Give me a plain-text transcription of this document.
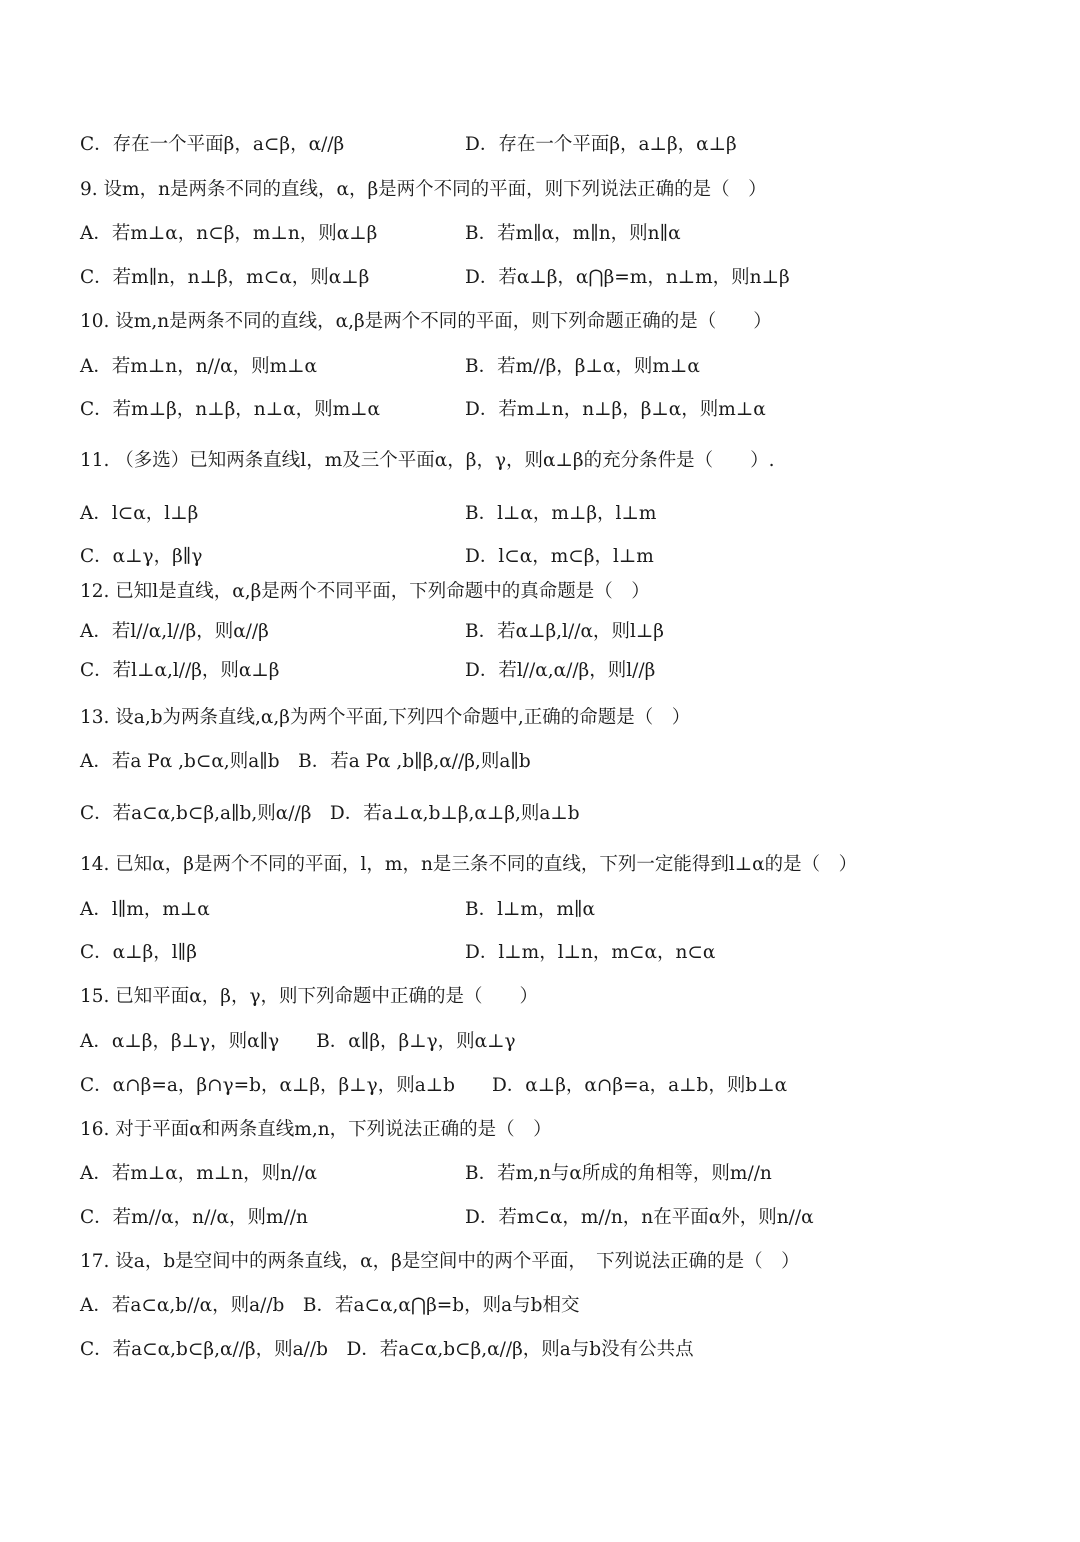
C．存在一个平面β，a⊂β，α//β	D．存在一个平面β，a⊥β，α⊥β
9. 设m，n是两条不同的直线，α，β是两个不同的平面，则下列说法正确的是（　）
A．若m⊥α，n⊂β，m⊥n，则α⊥β	B．若m∥α，m∥n，则n∥α
C．若m∥n，n⊥β，m⊂α，则α⊥β	D．若α⊥β，α⋂β=m，n⊥m，则n⊥β
10. 设m,n是两条不同的直线，α,β是两个不同的平面，则下列命题正确的是（　　）
A．若m⊥n，n//α，则m⊥α	B．若m//β，β⊥α，则m⊥α
C．若m⊥β，n⊥β，n⊥α，则m⊥α	D．若m⊥n，n⊥β，β⊥α，则m⊥α
11. （多选）已知两条直线l，m及三个平面α，β，γ，则α⊥β的充分条件是（　　）.
A．l⊂α，l⊥β	B．l⊥α，m⊥β，l⊥m
C．α⊥γ，β∥γ	D．l⊂α，m⊂β，l⊥m
12. 已知l是直线，α,β是两个不同平面，下列命题中的真命题是（　）
A．若l//α,l//β，则α//β	B．若α⊥β,l//α，则l⊥β
C．若l⊥α,l//β，则α⊥β	D．若l//α,α//β，则l//β
13. 设a,b为两条直线,α,β为两个平面,下列四个命题中,正确的命题是（　）
A．若a Pα ,b⊂α,则a∥b　B．若a Pα ,b∥β,α//β,则a∥b
C．若a⊂α,b⊂β,a∥b,则α//β　D．若a⊥α,b⊥β,α⊥β,则a⊥b
14. 已知α，β是两个不同的平面，l，m，n是三条不同的直线，下列一定能得到l⊥α的是（　）
A．l∥m，m⊥α	B．l⊥m，m∥α
C．α⊥β，l∥β	D．l⊥m，l⊥n，m⊂α，n⊂α
15. 已知平面α，β，γ，则下列命题中正确的是（　　）
A．α⊥β，β⊥γ，则α∥γ　　B．α∥β，β⊥γ，则α⊥γ
C．α∩β=a，β∩γ=b，α⊥β，β⊥γ，则a⊥b　　D．α⊥β，α∩β=a，a⊥b，则b⊥α
16. 对于平面α和两条直线m,n，下列说法正确的是（　）
A．若m⊥α，m⊥n，则n//α	B．若m,n与α所成的角相等，则m//n
C．若m//α，n//α，则m//n	D．若m⊂α，m//n，n在平面α外，则n//α
17. 设a，b是空间中的两条直线，α，β是空间中的两个平面，　下列说法正确的是（　）
A．若a⊂α,b//α，则a//b　B．若a⊂α,α⋂β=b，则a与b相交
C．若a⊂α,b⊂β,α//β，则a//b　D．若a⊂α,b⊂β,α//β，则a与b没有公共点
